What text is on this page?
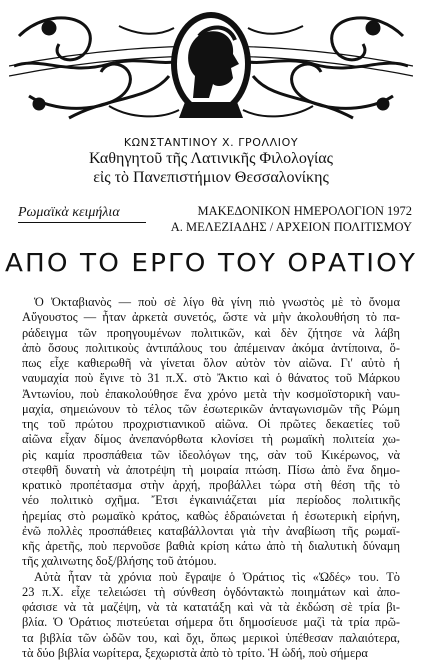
ΚΩΝΣΤΑΝΤΙΝΟΥ Χ. ΓΡΟΛΛΙΟΥ
Καθηγητοῦ τῆς Λατινικῆς Φιλολογίας
εἰς τὸ Πανεπιστήμιον Θεσσαλονίκης
Ρωμαϊκὰ κειμήλια	ΜΑΚΕΔΟΝΙΚΟΝ ΗΜΕΡΟΛΟΓΙΟΝ 1972
Α. ΜΕΛΕΖΙΑΔΗΣ / ΑΡΧΕΙΟΝ ΠΟΛΙΤΙΣΜΟΥ
ΑΠΟ ΤΟ ΕΡΓΟ ΤΟΥ ΟΡΑΤΙΟΥ
Ὁ Ὀκταβιανὸς — ποὺ σὲ λίγο θὰ γίνη πιὸ γνωστὸς μὲ τὸ ὄνομα
Αὔγουστος — ἦταν ἀρκετὰ συνετός, ὥστε νὰ μὴν ἀκολουθήση τὸ πα-
ράδειγμα τῶν προηγουμένων πολιτικῶν, καὶ δὲν ζήτησε νὰ λάβη
ἀπὸ ὅσους πολιτικοὺς ἀντιπάλους του ἀπέμειναν ἀκόμα ἀντίποινα, ὅ-
πως εἶχε καθιερωθῆ νὰ γίνεται ὅλον αὐτὸν τὸν αἰῶνα. Γι' αὐτὸ ἡ
ναυμαχία ποὺ ἔγινε τὸ 31 π.Χ. στὸ Ἄκτιο καὶ ὁ θάνατος τοῦ Μάρκου
Ἀντωνίου, ποὺ ἐπακολούθησε ἕνα χρόνο μετὰ τὴν κοσμοϊστορικὴ ναυ-
μαχία, σημειώνουν τὸ τέλος τῶν ἐσωτερικῶν ἀνταγωνισμῶν τῆς Ρώμη
της τοῦ πρώτου προχριστιανικοῦ αἰῶνα. Οἱ πρῶτες δεκαετίες τοῦ
αἰῶνα εἶχαν δίμος ἀνεπανόρθωτα κλονίσει τὴ ρωμαϊκὴ πολιτεία χω-
ρὶς καμία προσπάθεια τῶν ἰδεολόγων της, σὰν τοῦ Κικέρωνος, νὰ
στεφθῆ δυνατὴ νὰ ἀποτρέψη τὴ μοιραία πτώση. Πίσω ἀπὸ ἕνα δημο-
κρατικὸ προπέτασμα στὴν ἀρχή, προβάλλει τώρα στὴ θέση τῆς τὸ
νέο πολιτικὸ σχῆμα. Ἔτσι ἐγκαινιάζεται μία περίοδος πολιτικῆς
ἠρεμίας στὸ ρωμαϊκὸ κράτος, καθὼς ἑδραιώνεται ἡ ἐσωτερικὴ εἰρήνη,
ἐνῶ πολλὲς προσπάθειες καταβάλλονται γιὰ τὴν ἀναβίωση τῆς ρωμαϊ-
κῆς ἀρετῆς, ποὺ περνοῦσε βαθιὰ κρίση κάτω ἀπὸ τὴ διαλυτικὴ δύναμη
τῆς χαλινωτης δοξ/βλήσης τοῦ ἀτόμου.
Αὐτὰ ἦταν τὰ χρόνια ποὺ ἔγραψε ὁ Ὀράτιος τὶς «Ὠδές» του. Τὸ
23 π.Χ. εἶχε τελειώσει τὴ σύνθεση ὀγδόντακτὼ ποιημάτων καὶ ἀπο-
φάσισε νὰ τὰ μαζέψη, νὰ τὰ κατατάξη καὶ νὰ τὰ ἐκδώση σὲ τρία βι-
βλία. Ὁ Ὀράτιος πιστεύεται σήμερα ὅτι δημοσίευσε μαζὶ τὰ τρία πρῶ-
τα βιβλία τῶν ὠδῶν του, καὶ ὄχι, ὅπως μερικοὶ ὑπέθεσαν παλαιότερα,
τὰ δύο βιβλία νωρίτερα, ξεχωριστὰ ἀπὸ τὸ τρίτο. Ἡ ὠδή, ποὺ σήμερα
